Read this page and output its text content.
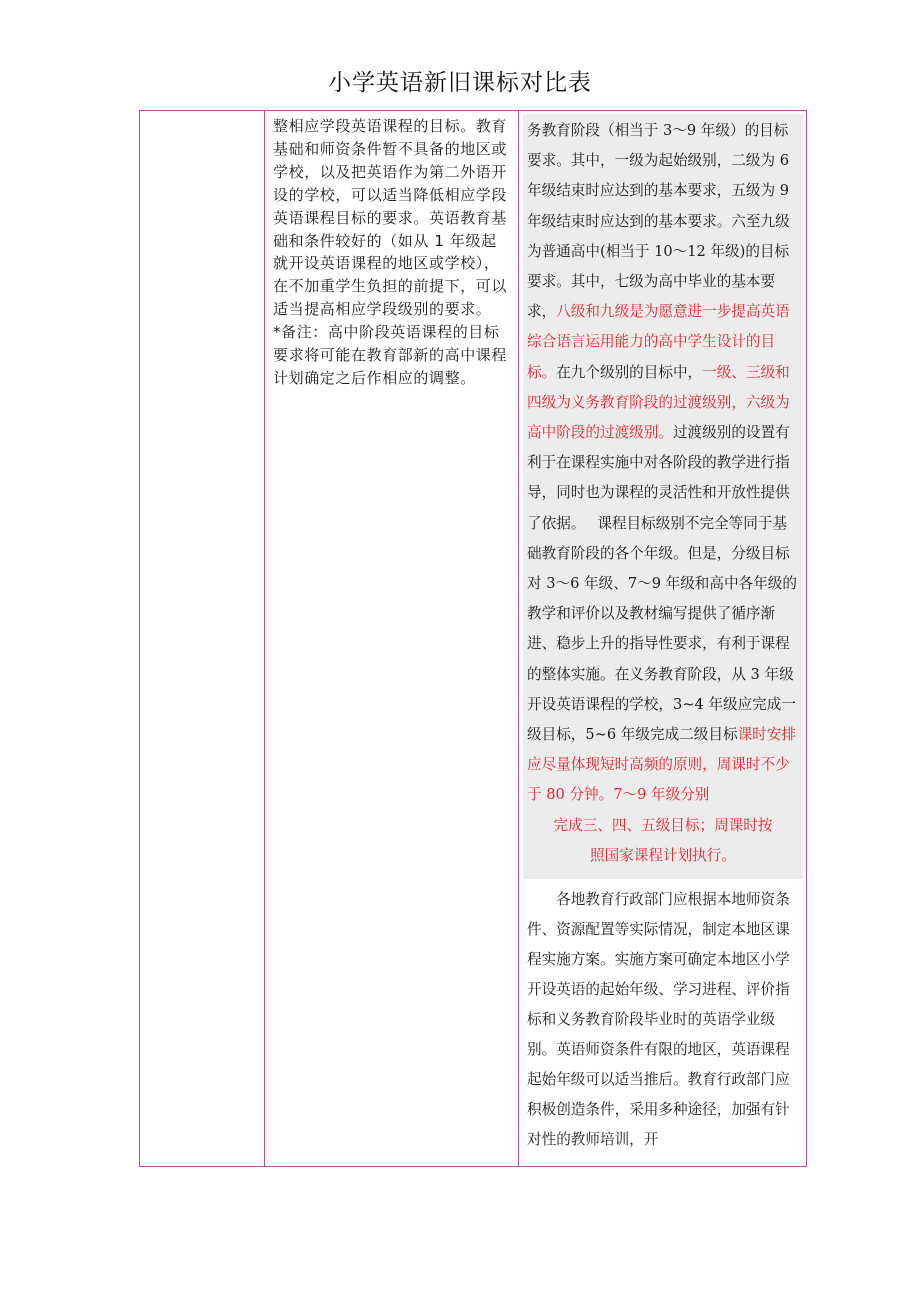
小学英语新旧课标对比表

整相应学段英语课程的目标。教育基础和师资条件暂不具备的地区或学校，以及把英语作为第二外语开设的学校，可以适当降低相应学段英语课程目标的要求。英语教育基础和条件较好的（如从 1 年级起就开设英语课程的地区或学校），在不加重学生负担的前提下，可以适当提高相应学段级别的要求。

*备注：高中阶段英语课程的目标要求将可能在教育部新的高中课程计划确定之后作相应的调整。

务教育阶段（相当于 3～9 年级）的目标要求。其中，一级为起始级别，二级为 6 年级结束时应达到的基本要求，五级为 9 年级结束时应达到的基本要求。六至九级为普通高中(相当于 10～12 年级)的目标要求。其中，七级为高中毕业的基本要求，八级和九级是为愿意进一步提高英语综合语言运用能力的高中学生设计的目标。在九个级别的目标中，一级、三级和四级为义务教育阶段的过渡级别，六级为高中阶段的过渡级别。过渡级别的设置有利于在课程实施中对各阶段的教学进行指导，同时也为课程的灵活性和开放性提供了依据。 课程目标级别不完全等同于基础教育阶段的各个年级。但是，分级目标对 3～6 年级、7～9 年级和高中各年级的教学和评价以及教材编写提供了循序渐进、稳步上升的指导性要求，有利于课程的整体实施。在义务教育阶段，从 3 年级开设英语课程的学校，3~4 年级应完成一级目标，5~6 年级完成二级目标课时安排应尽量体现短时高频的原则，周课时不少于 80 分钟。7～9 年级分别
完成三、四、五级目标；周课时按
照国家课程计划执行。
各地教育行政部门应根据本地师资条件、资源配置等实际情况，制定本地区课程实施方案。实施方案可确定本地区小学开设英语的起始年级、学习进程、评价指标和义务教育阶段毕业时的英语学业级别。英语师资条件有限的地区，英语课程起始年级可以适当推后。教育行政部门应积极创造条件，采用多种途径，加强有针对性的教师培训，开
